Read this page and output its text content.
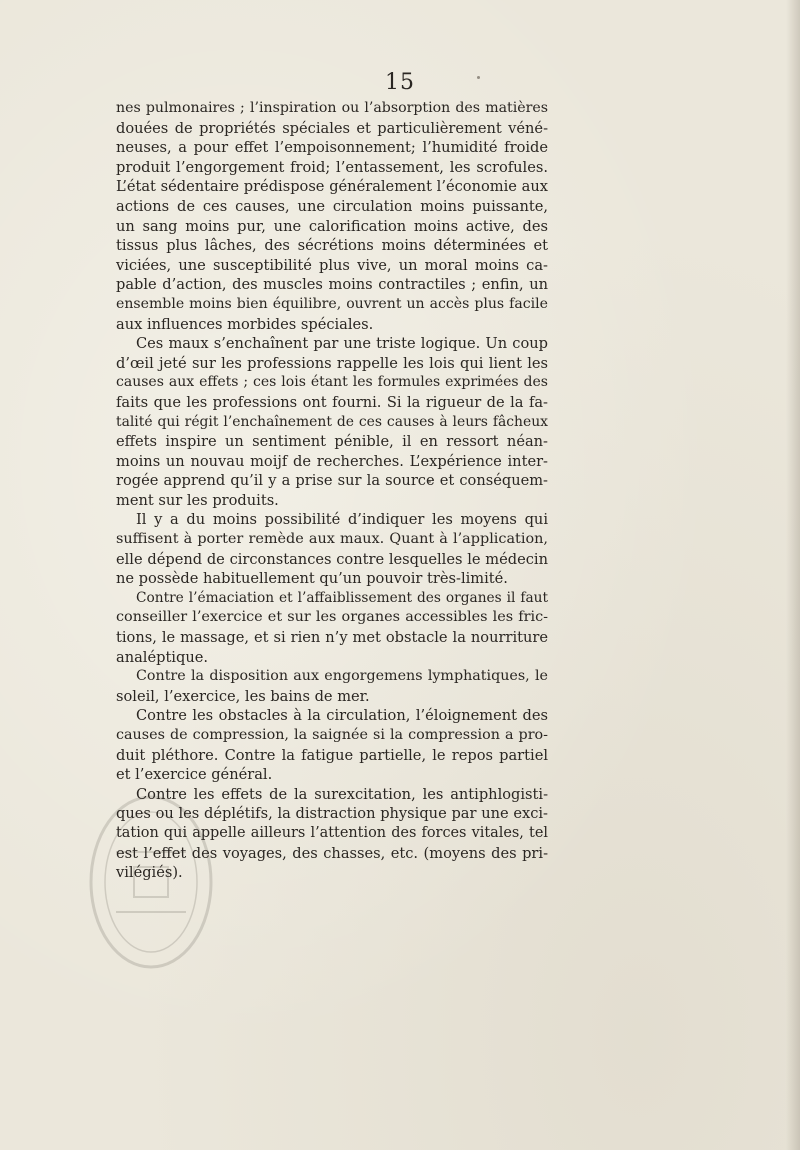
15
nes pulmonaires ; l’inspiration ou l’absorption des matières
douées de propriétés spéciales et particulièrement véné-
neuses, a pour effet l’empoisonnement; l’humidité froide
produit l’engorgement froid; l’entassement, les scrofules.
L’état sédentaire prédispose généralement l’économie aux
actions de ces causes, une circulation moins puissante,
un sang moins pur, une calorification moins active, des
tissus plus lâches, des sécrétions moins déterminées et
viciées, une susceptibilité plus vive, un moral moins ca-
pable d’action, des muscles moins contractiles ; enfin, un
ensemble moins bien équilibre, ouvrent un accès plus facile
aux influences morbides spéciales.
Ces maux s’enchaînent par une triste logique. Un coup
d’œil jeté sur les professions rappelle les lois qui lient les
causes aux effets ; ces lois étant les formules exprimées des
faits que les professions ont fourni. Si la rigueur de la fa-
talité qui régit l’enchaînement de ces causes à leurs fâcheux
effets inspire un sentiment pénible, il en ressort néan-
moins un nouvau moijf de recherches. L’expérience inter-
rogée apprend qu’il y a prise sur la source et conséquem-
ment sur les produits.
Il y a du moins possibilité d’indiquer les moyens qui
suffisent à porter remède aux maux. Quant à l’application,
elle dépend de circonstances contre lesquelles le médecin
ne possède habituellement qu’un pouvoir très-limité.
Contre l’émaciation et l’affaiblissement des organes il faut
conseiller l’exercice et sur les organes accessibles les fric-
tions, le massage, et si rien n’y met obstacle la nourriture
analéptique.
Contre la disposition aux engorgemens lymphatiques, le
soleil, l’exercice, les bains de mer.
Contre les obstacles à la circulation, l’éloignement des
causes de compression, la saignée si la compression a pro-
duit pléthore. Contre la fatigue partielle, le repos partiel
et l’exercice général.
Contre les effets de la surexcitation, les antiphlogisti-
ques ou les déplétifs, la distraction physique par une exci-
tation qui appelle ailleurs l’attention des forces vitales, tel
est l’effet des voyages, des chasses, etc. (moyens des pri-
vilégiés).
